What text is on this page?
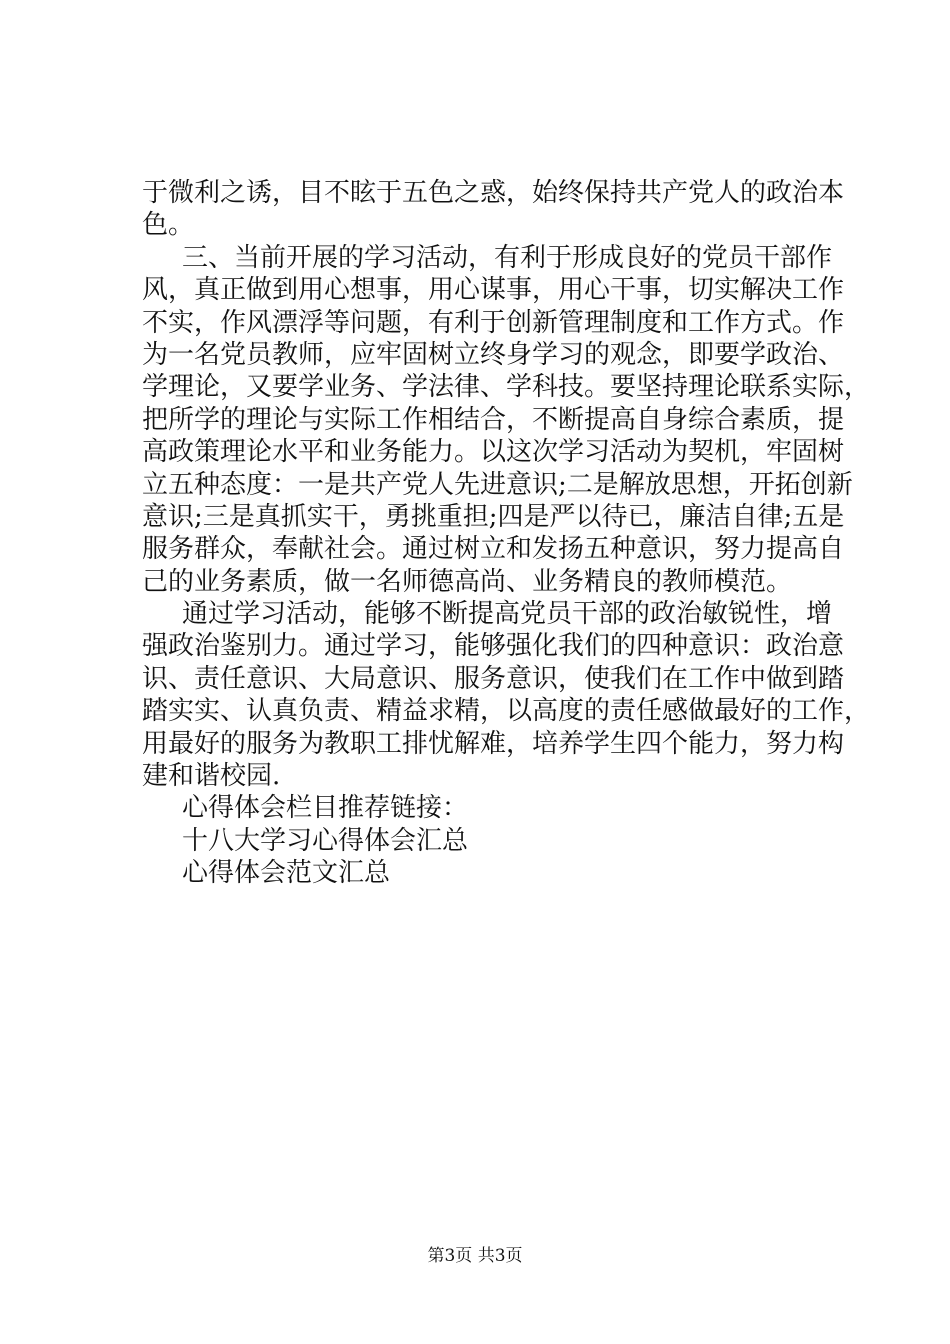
于微利之诱，目不眩于五色之惑，始终保持共产党人的政治本
色。
三、当前开展的学习活动，有利于形成良好的党员干部作
风，真正做到用心想事，用心谋事，用心干事，切实解决工作
不实，作风漂浮等问题，有利于创新管理制度和工作方式。作
为一名党员教师，应牢固树立终身学习的观念，即要学政治、
学理论，又要学业务、学法律、学科技。要坚持理论联系实际，
把所学的理论与实际工作相结合，不断提高自身综合素质，提
高政策理论水平和业务能力。以这次学习活动为契机，牢固树
立五种态度：一是共产党人先进意识;二是解放思想，开拓创新
意识;三是真抓实干，勇挑重担;四是严以待已，廉洁自律;五是
服务群众，奉献社会。通过树立和发扬五种意识，努力提高自
己的业务素质，做一名师德高尚、业务精良的教师模范。
通过学习活动，能够不断提高党员干部的政治敏锐性，增
强政治鉴别力。通过学习，能够强化我们的四种意识：政治意
识、责任意识、大局意识、服务意识，使我们在工作中做到踏
踏实实、认真负责、精益求精，以高度的责任感做最好的工作，
用最好的服务为教职工排忧解难，培养学生四个能力，努力构
建和谐校园.
心得体会栏目推荐链接：
十八大学习心得体会汇总
心得体会范文汇总
第3页 共3页
